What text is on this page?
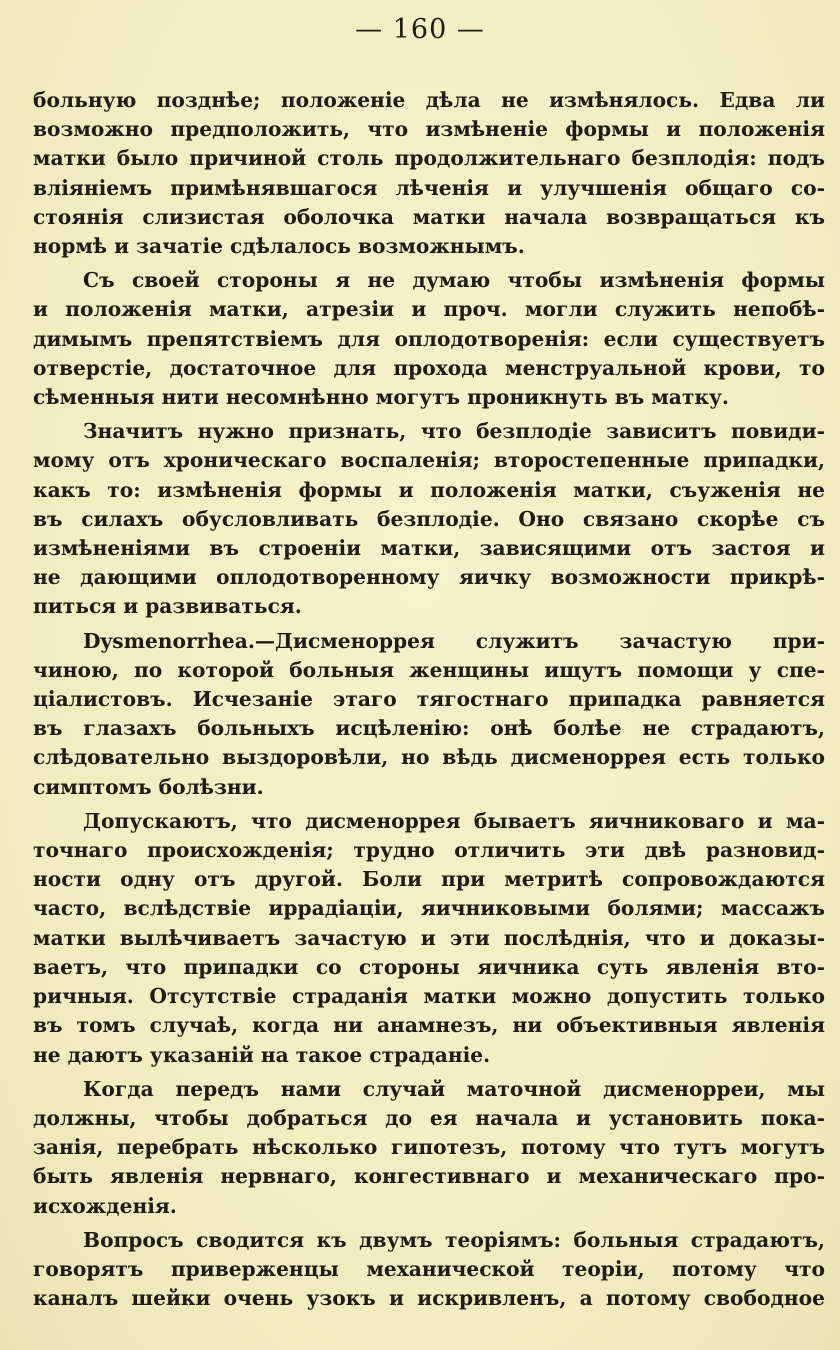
— 160 —
больную позднѣе; положеніе дѣла не измѣнялось. Едва ли
возможно предположить, что измѣненіе формы и положенія
матки было причиной столь продолжительнаго безплодія: подъ
вліяніемъ примѣнявшагося лѣченія и улучшенія общаго со-
стоянія слизистая оболочка матки начала возвращаться къ
нормѣ и зачатіе сдѣлалось возможнымъ.
Съ своей стороны я не думаю чтобы измѣненія формы
и положенія матки, атрезіи и проч. могли служить непобѣ-
димымъ препятствіемъ для оплодотворенія: если существуетъ
отверстіе, достаточное для прохода менструальной крови, то
сѣменныя нити несомнѣнно могутъ проникнуть въ матку.
Значитъ нужно признать, что безплодіе зависитъ повиди-
мому отъ хроническаго воспаленія; второстепенные припадки,
какъ то: измѣненія формы и положенія матки, съуженія не
въ силахъ обусловливать безплодіе. Оно связано скорѣе съ
измѣненіями въ строеніи матки, зависящими отъ застоя и
не дающими оплодотворенному яичку возможности прикрѣ-
питься и развиваться.
Dysmenorrhea.—Дисменоррея служитъ зачастую при-
чиною, по которой больныя женщины ищутъ помощи у спе-
ціалистовъ. Исчезаніе этаго тягостнаго припадка равняется
въ глазахъ больныхъ исцѣленію: онѣ болѣе не страдаютъ,
слѣдовательно выздоровѣли, но вѣдь дисменоррея есть только
симптомъ болѣзни.
Допускаютъ, что дисменоррея бываетъ яичниковаго и ма-
точнаго происхожденія; трудно отличить эти двѣ разновид-
ности одну отъ другой. Боли при метритѣ сопровождаются
часто, вслѣдствіе иррадіаціи, яичниковыми болями; массажъ
матки вылѣчиваетъ зачастую и эти послѣднія, что и доказы-
ваетъ, что припадки со стороны яичника суть явленія вто-
ричныя. Отсутствіе страданія матки можно допустить только
въ томъ случаѣ, когда ни анамнезъ, ни объективныя явленія
не даютъ указаній на такое страданіе.
Когда передъ нами случай маточной дисменорреи, мы
должны, чтобы добраться до ея начала и установить пока-
занія, перебрать нѣсколько гипотезъ, потому что тутъ могутъ
быть явленія нервнаго, конгестивнаго и механическаго про-
исхожденія.
Вопросъ сводится къ двумъ теоріямъ: больныя страдаютъ,
говорятъ приверженцы механической теоріи, потому что
каналъ шейки очень узокъ и искривленъ, а потому свободное
